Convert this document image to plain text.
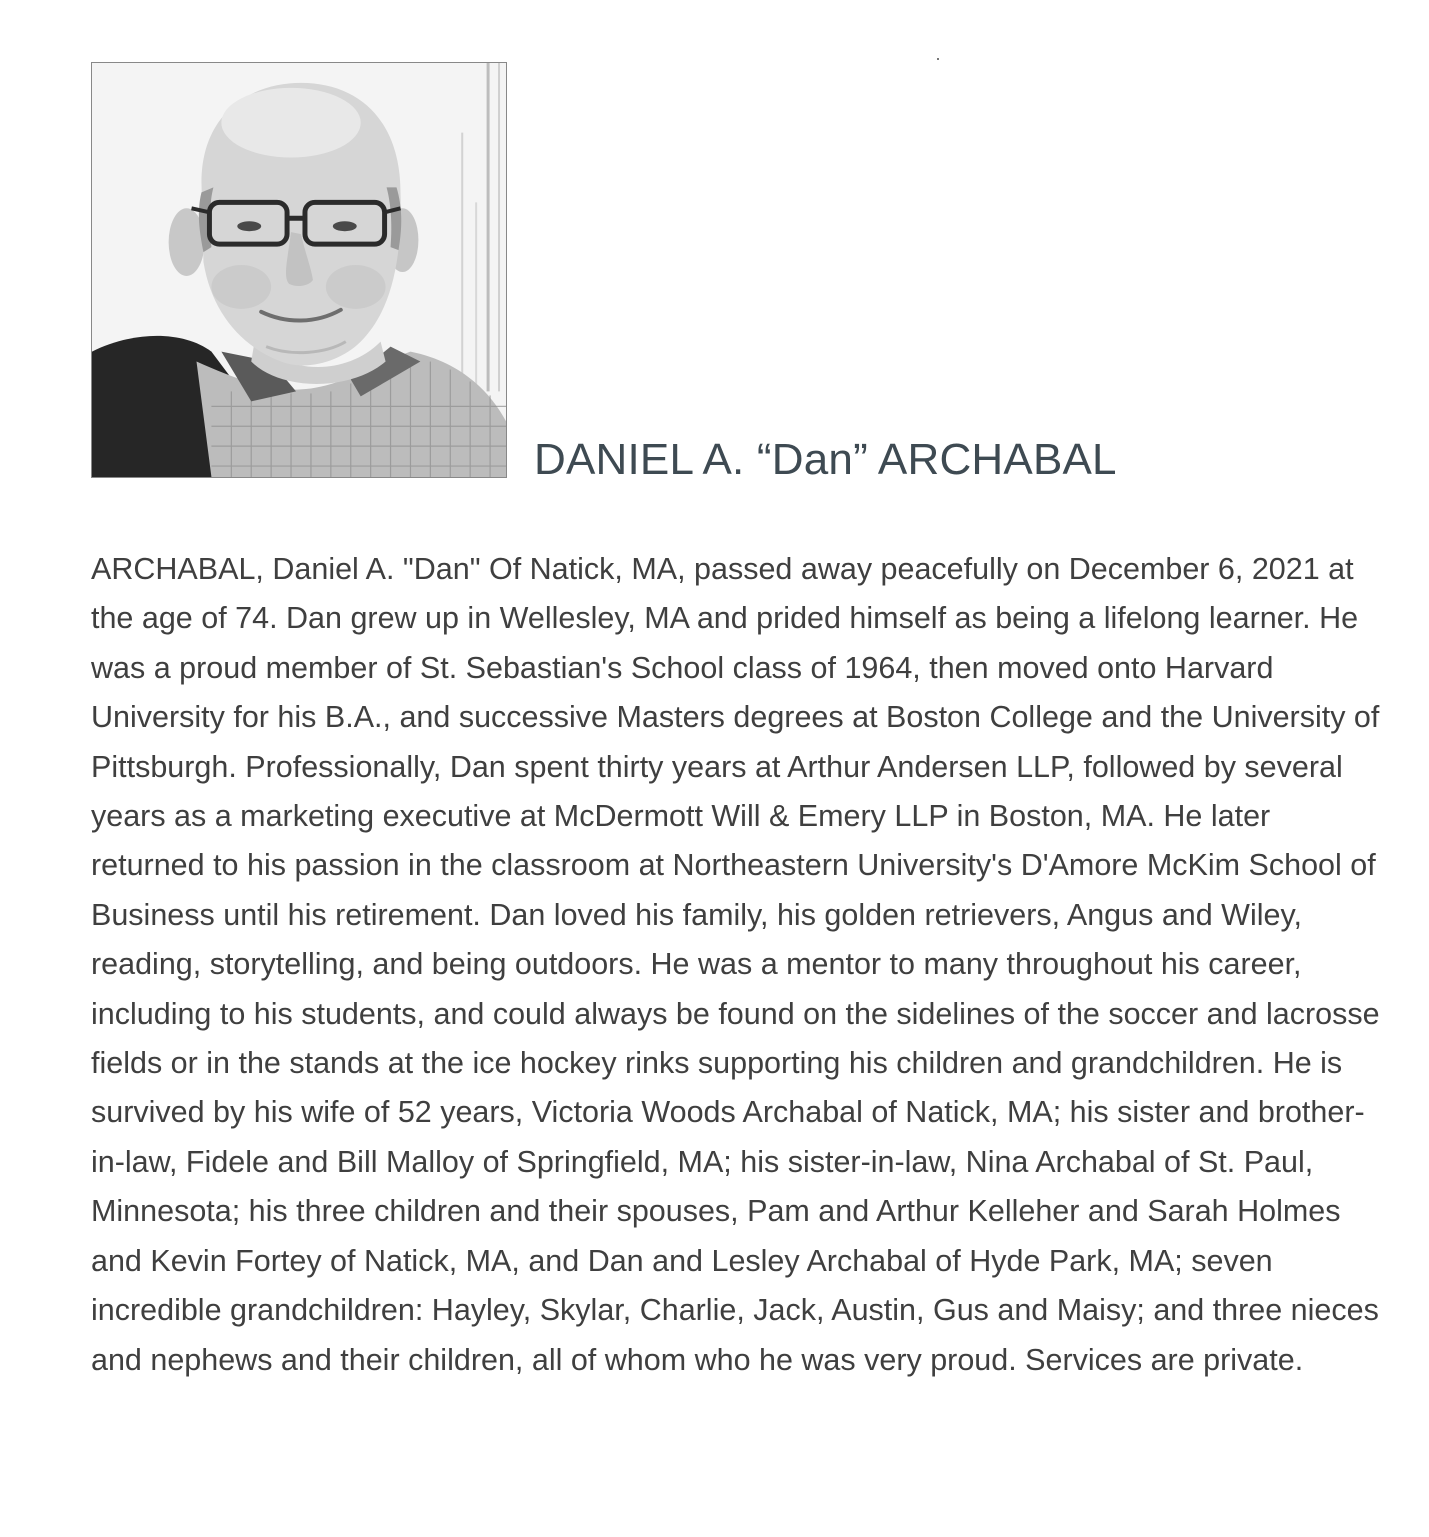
DANIEL A. “Dan” ARCHABAL

ARCHABAL, Daniel A. "Dan" Of Natick, MA, passed away peacefully on December 6, 2021 at the age of 74. Dan grew up in Wellesley, MA and prided himself as being a lifelong learner. He was a proud member of St. Sebastian's School class of 1964, then moved onto Harvard University for his B.A., and successive Masters degrees at Boston College and the University of Pittsburgh. Professionally, Dan spent thirty years at Arthur Andersen LLP, followed by several years as a marketing executive at McDermott Will & Emery LLP in Boston, MA. He later returned to his passion in the classroom at Northeastern University's D'Amore McKim School of Business until his retirement. Dan loved his family, his golden retrievers, Angus and Wiley, reading, storytelling, and being outdoors. He was a mentor to many throughout his career, including to his students, and could always be found on the sidelines of the soccer and lacrosse fields or in the stands at the ice hockey rinks supporting his children and grandchildren. He is survived by his wife of 52 years, Victoria Woods Archabal of Natick, MA; his sister and brother-in-law, Fidele and Bill Malloy of Springfield, MA; his sister-in-law, Nina Archabal of St. Paul, Minnesota; his three children and their spouses, Pam and Arthur Kelleher and Sarah Holmes and Kevin Fortey of Natick, MA, and Dan and Lesley Archabal of Hyde Park, MA; seven incredible grandchildren: Hayley, Skylar, Charlie, Jack, Austin, Gus and Maisy; and three nieces and nephews and their children, all of whom who he was very proud. Services are private.
